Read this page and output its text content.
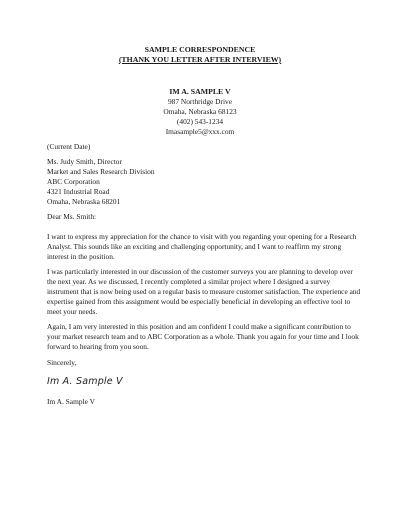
SAMPLE CORRESPONDENCE
(THANK YOU LETTER AFTER INTERVIEW)
IM A. SAMPLE V
987 Northridge Drive
Omaha, Nebraska 68123
(402) 543-1234
Imasample5@xxx.com
(Current Date)

Ms. Judy Smith, Director

Market and Sales Research Division

ABC Corporation

4321 Industrial Road

Omaha, Nebraska 68201

Dear Ms. Smith:
I want to express my appreciation for the chance to visit with you regarding your opening for a Research Analyst. This sounds like an exciting and challenging opportunity, and I want to reaffirm my strong interest in the position.
I was particularly interested in our discussion of the customer surveys you are planning to develop over the next year. As we discussed, I recently completed a similar project where I designed a survey instrument that is now being used on a regular basis to measure customer satisfaction. The experience and expertise gained from this assignment would be especially beneficial in developing an effective tool to meet your needs.
Again, I am very interested in this position and am confident I could make a significant contribution to your market research team and to ABC Corporation as a whole. Thank you again for your time and I look forward to hearing from you soon.
Sincerely,
Im A. Sample V
Im A. Sample V
